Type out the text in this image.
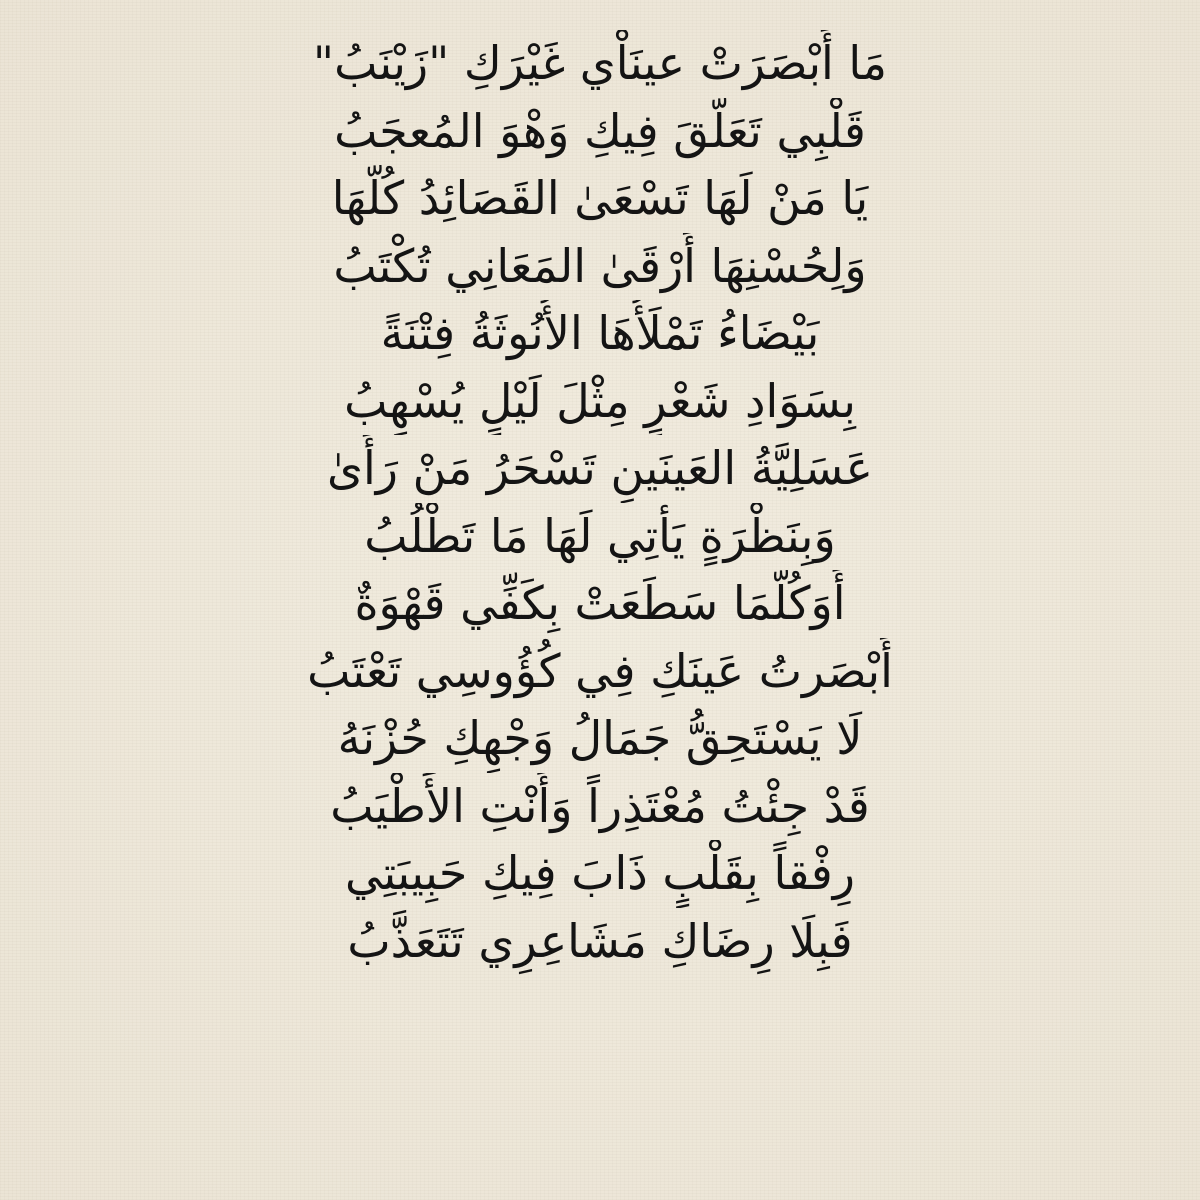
مَا أَبْصَرَتْ عينَاْي غَيْرَكِ "زَيْنَبُ"
قَلْبِي تَعَلَّقَ فِيكِ وَهْوَ المُعجَبُ
يَا مَنْ لَهَا تَسْعَىٰ القَصَائِدُ كُلُّهَا
وَلِحُسْنِهَا أَرْقَىٰ المَعَانِي تُكْتَبُ
بَيْضَاءُ تَمْلَأُهَا الأُنُوثَةُ فِتْنَةً
بِسَوَادِ شَعْرٍ مِثْلَ لَيْلٍ يُسْهِبُ
عَسَلِيَّةُ العَينَينِ تَسْحَرُ مَنْ رَأَىٰ
وَبِنَظْرَةٍ يَأْتِي لَهَا مَا تَطْلُبُ
أَوَكُلَّمَا سَطَعَتْ بِكَفِّي قَهْوَةٌ
أَبْصَرتُ عَينَكِ فِي كُؤُوسِي تَعْتَبُ
لَا يَسْتَحِقُّ جَمَالُ وَجْهِكِ حُزْنَهُ
قَدْ جِئْتُ مُعْتَذِراً وَأَنْتِ الأَطْيَبُ
رِفْقاً بِقَلْبٍ ذَابَ فِيكِ حَبِيبَتِي
فَبِلَا رِضَاكِ مَشَاعِرِي تَتَعَذَّبُ
